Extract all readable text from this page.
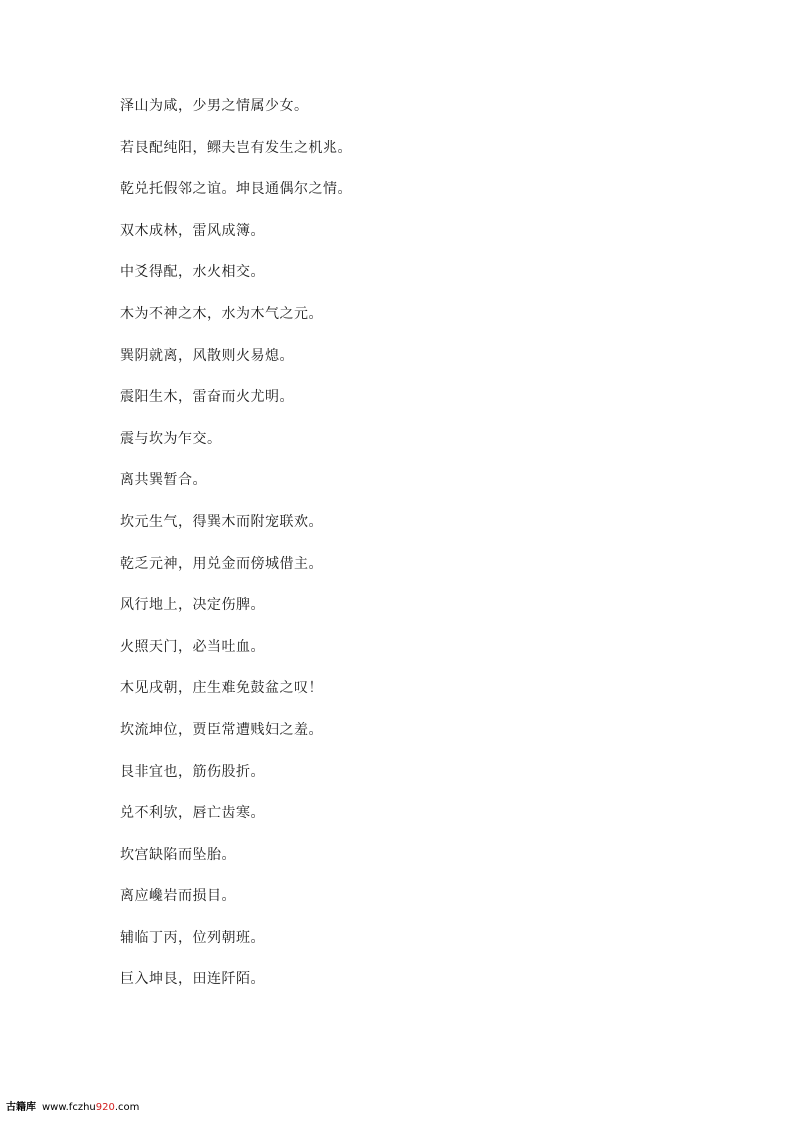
泽山为咸，少男之情属少女。
若艮配纯阳，鳏夫岂有发生之机兆。
乾兑托假邻之谊。坤艮通偶尔之情。
双木成林，雷风成簿。
中爻得配，水火相交。
木为不神之木，水为木气之元。
巽阴就离，风散则火易熄。
震阳生木，雷奋而火尤明。
震与坎为乍交。
离共巽暂合。
坎元生气，得巽木而附宠联欢。
乾乏元神，用兑金而傍城借主。
风行地上，决定伤脾。
火照天门，必当吐血。
木见戌朝，庄生难免鼓盆之叹！
坎流坤位，贾臣常遭贱妇之羞。
艮非宜也，筋伤股折。
兑不利欤，唇亡齿寒。
坎宫缺陷而坠胎。
离应巉岩而损目。
辅临丁丙，位列朝班。
巨入坤艮，田连阡陌。
古籍库 www.fczhu920.com
